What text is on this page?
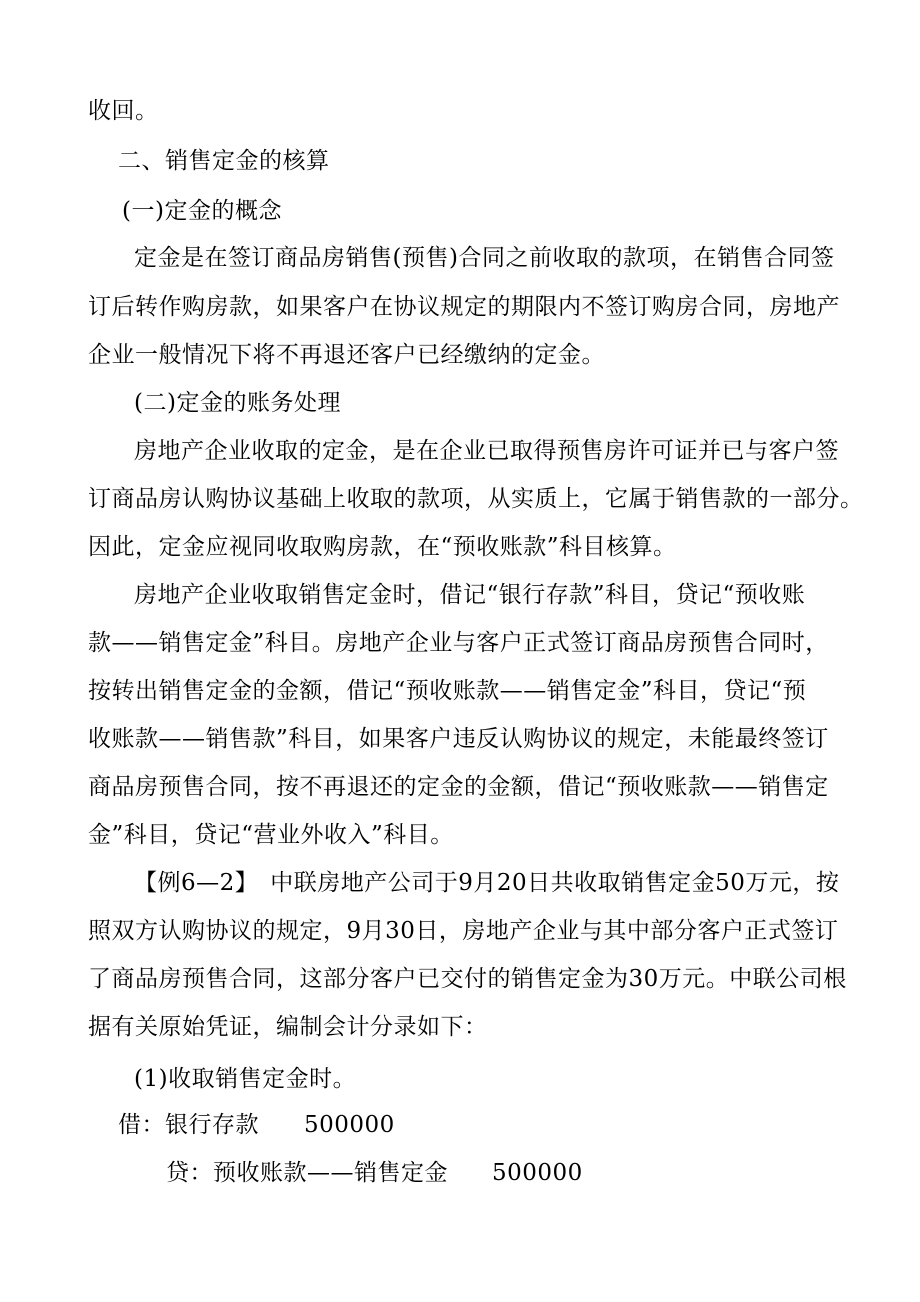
收回。

二、销售定金的核算

(一)定金的概念

定金是在签订商品房销售(预售)合同之前收取的款项，在销售合同签

订后转作购房款，如果客户在协议规定的期限内不签订购房合同，房地产

企业一般情况下将不再退还客户已经缴纳的定金。

(二)定金的账务处理

房地产企业收取的定金，是在企业已取得预售房许可证并已与客户签

订商品房认购协议基础上收取的款项，从实质上，它属于销售款的一部分。

因此，定金应视同收取购房款，在“预收账款”科目核算。

房地产企业收取销售定金时，借记“银行存款”科目，贷记“预收账

款——销售定金”科目。房地产企业与客户正式签订商品房预售合同时，

按转出销售定金的金额，借记“预收账款——销售定金”科目，贷记“预

收账款——销售款”科目，如果客户违反认购协议的规定，未能最终签订

商品房预售合同，按不再退还的定金的金额，借记“预收账款——销售定

金”科目，贷记“营业外收入”科目。

【例6—2】　中联房地产公司于9月20日共收取销售定金50万元，按

照双方认购协议的规定，9月30日，房地产企业与其中部分客户正式签订

了商品房预售合同，这部分客户已交付的销售定金为30万元。中联公司根

据有关原始凭证，编制会计分录如下：

(1)收取销售定金时。

借：银行存款 500000

贷：预收账款——销售定金 500000
